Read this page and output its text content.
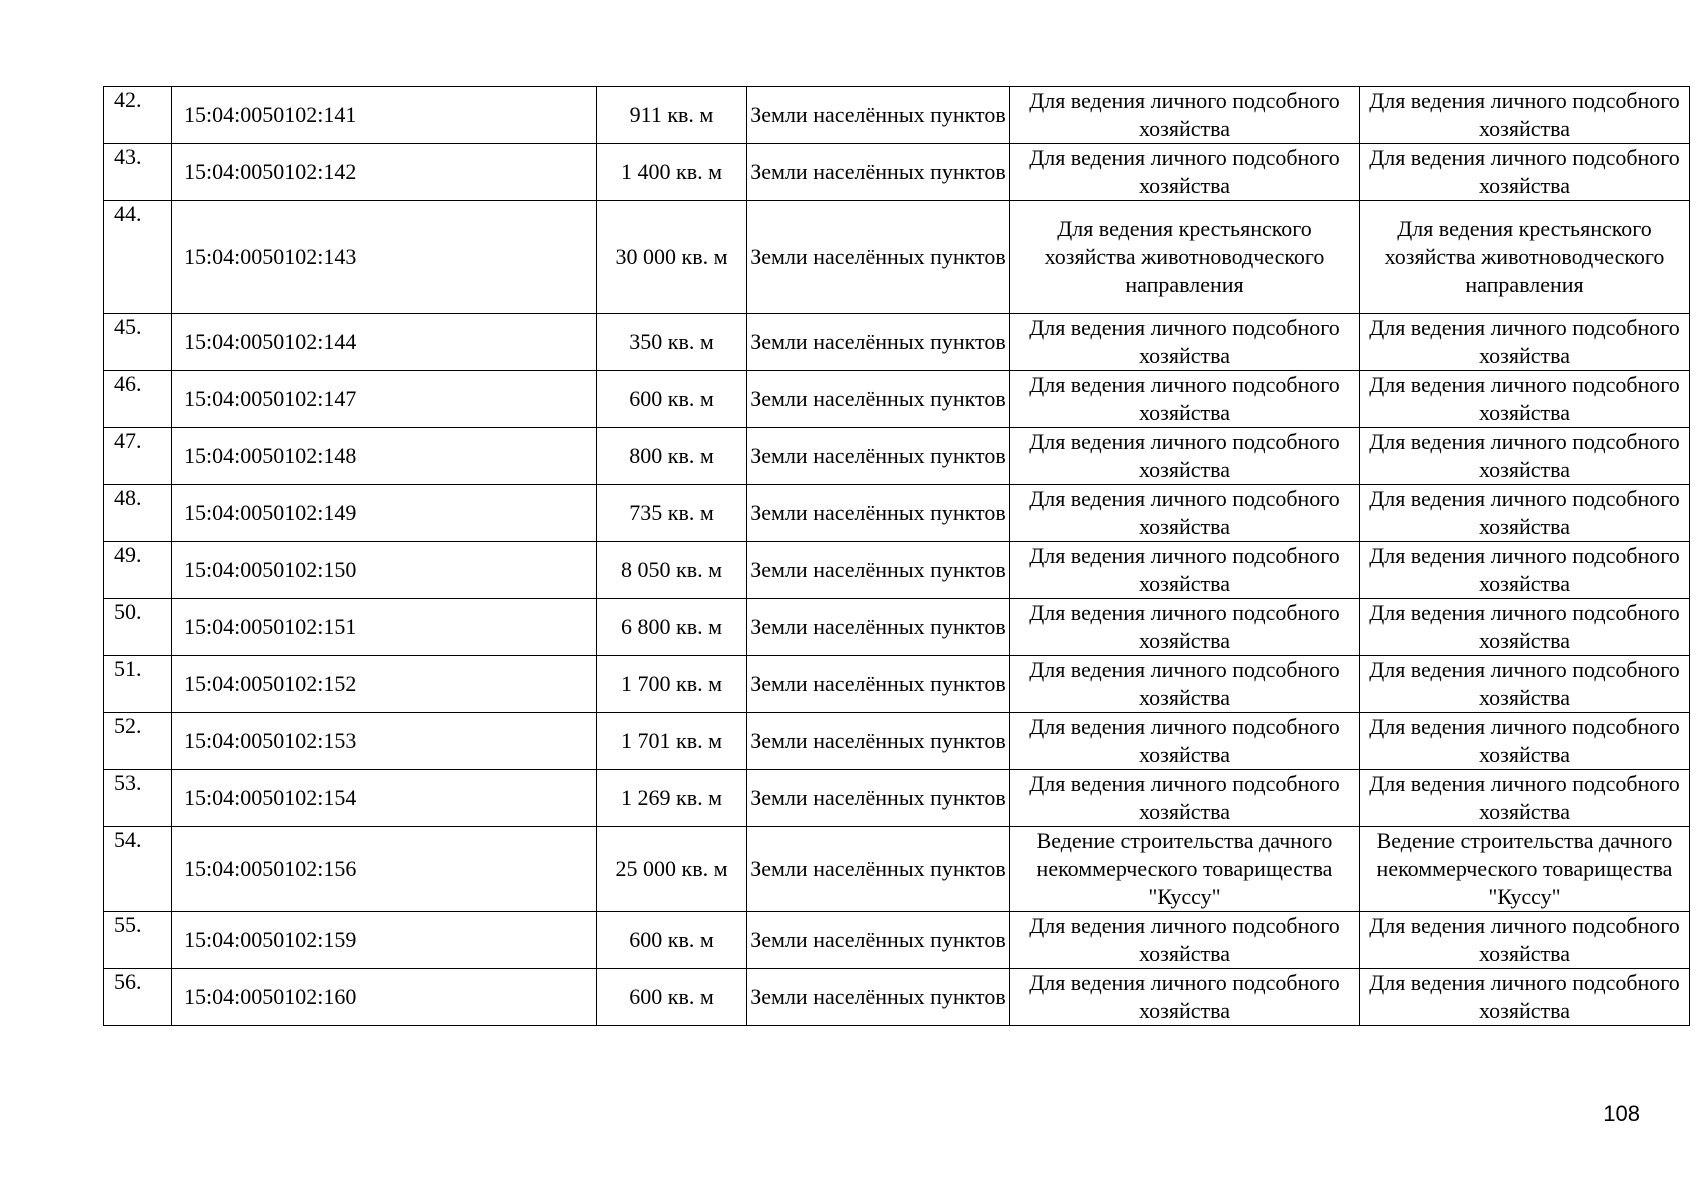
42.	15:04:0050102:141	911 кв. м	Земли населённых пунктов	Для ведения личного подсобного хозяйства	Для ведения личного подсобного хозяйства
43.	15:04:0050102:142	1 400 кв. м	Земли населённых пунктов	Для ведения личного подсобного хозяйства	Для ведения личного подсобного хозяйства
44.	15:04:0050102:143	30 000 кв. м	Земли населённых пунктов	Для ведения крестьянского хозяйства животноводческого направления	Для ведения крестьянского хозяйства животноводческого направления
45.	15:04:0050102:144	350 кв. м	Земли населённых пунктов	Для ведения личного подсобного хозяйства	Для ведения личного подсобного хозяйства
46.	15:04:0050102:147	600 кв. м	Земли населённых пунктов	Для ведения личного подсобного хозяйства	Для ведения личного подсобного хозяйства
47.	15:04:0050102:148	800 кв. м	Земли населённых пунктов	Для ведения личного подсобного хозяйства	Для ведения личного подсобного хозяйства
48.	15:04:0050102:149	735 кв. м	Земли населённых пунктов	Для ведения личного подсобного хозяйства	Для ведения личного подсобного хозяйства
49.	15:04:0050102:150	8 050 кв. м	Земли населённых пунктов	Для ведения личного подсобного хозяйства	Для ведения личного подсобного хозяйства
50.	15:04:0050102:151	6 800 кв. м	Земли населённых пунктов	Для ведения личного подсобного хозяйства	Для ведения личного подсобного хозяйства
51.	15:04:0050102:152	1 700 кв. м	Земли населённых пунктов	Для ведения личного подсобного хозяйства	Для ведения личного подсобного хозяйства
52.	15:04:0050102:153	1 701 кв. м	Земли населённых пунктов	Для ведения личного подсобного хозяйства	Для ведения личного подсобного хозяйства
53.	15:04:0050102:154	1 269 кв. м	Земли населённых пунктов	Для ведения личного подсобного хозяйства	Для ведения личного подсобного хозяйства
54.	15:04:0050102:156	25 000 кв. м	Земли населённых пунктов	Ведение строительства дачного некоммерческого товарищества "Куссу"	Ведение строительства дачного некоммерческого товарищества "Куссу"
55.	15:04:0050102:159	600 кв. м	Земли населённых пунктов	Для ведения личного подсобного хозяйства	Для ведения личного подсобного хозяйства
56.	15:04:0050102:160	600 кв. м	Земли населённых пунктов	Для ведения личного подсобного хозяйства	Для ведения личного подсобного хозяйства
108
